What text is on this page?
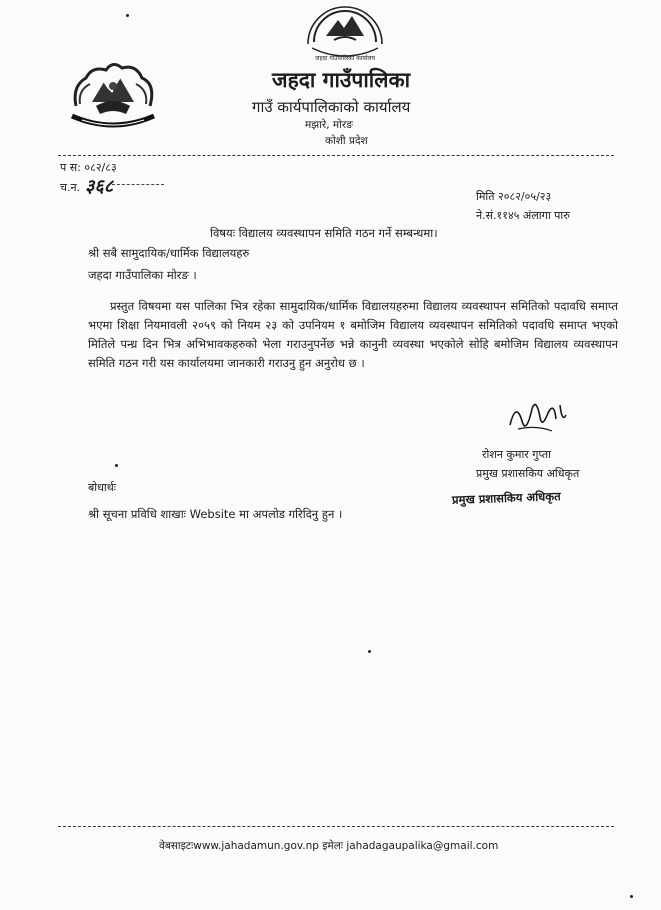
जहदा गाउँपालिका कार्यालय
जहदा गाउँपालिका
गाउँ कार्यपालिकाको कार्यालय
मझारे, मोरङ
कोशी प्रदेश
प स: ०८२/८३
च.न. ३६८	मिति २०८२/०५/२३
ने.सं.११४५ अंलागा पारु
विषयः विद्यालय व्यवस्थापन समिति गठन गर्ने सम्बन्धमा।
श्री सबै सामुदायिक/धार्मिक विद्यालयहरु
जहदा गाउँपालिका मोरङ ।
प्रस्तुत विषयमा यस पालिका भित्र रहेका सामुदायिक/धार्मिक विद्यालयहरुमा विद्यालय व्यवस्थापन समितिको पदावधि समाप्त भएमा शिक्षा नियमावली २०५९ को नियम २३ को उपनियम १ बमोजिम विद्यालय व्यवस्थापन समितिको पदावधि समाप्त भएको मितिले पन्ध्र दिन भित्र अभिभावकहरुको भेला गराउनुपर्नेछ भन्ने कानुनी व्यवस्था भएकोले सोहि बमोजिम विद्यालय व्यवस्थापन समिति गठन गरी यस कार्यालयमा जानकारी गराउनु हुन अनुरोध छ ।
रोशन कुमार गुप्ता
प्रमुख प्रशासकिय अधिकृत
बोधार्थः
प्रमुख प्रशासकिय अधिकृत
श्री सूचना प्रविधि शाखाः Website मा अपलोड गरिदिनु हुन ।
वेबसाइटःwww.jahadamun.gov.np इमेलः jahadagaupalika@gmail.com
